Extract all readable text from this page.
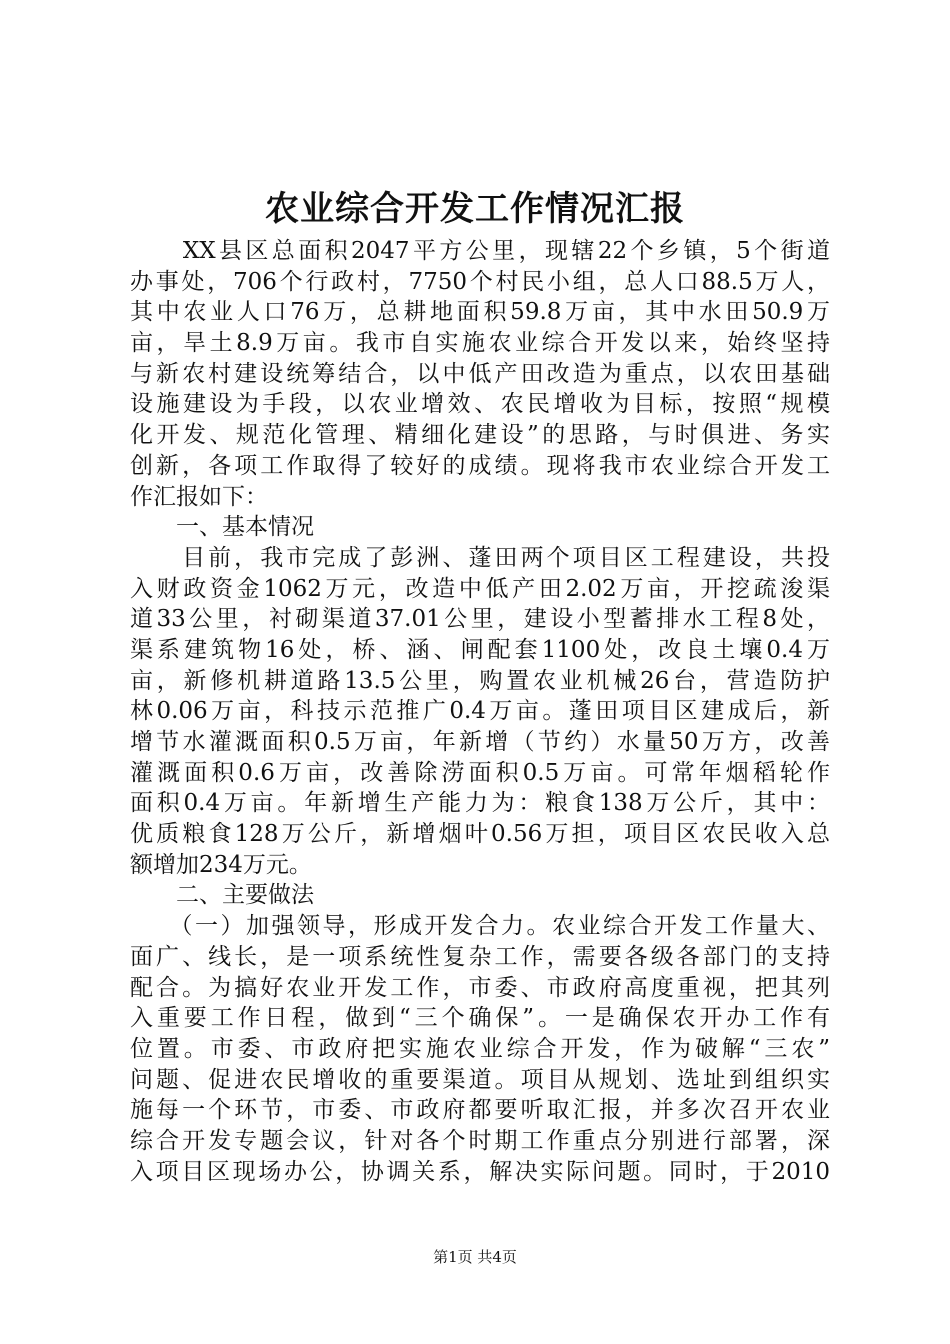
农业综合开发工作情况汇报
　　XX县区总面积2047平方公里，现辖22个乡镇，5个街道
办事处，706个行政村，7750个村民小组，总人口88.5万人，
其中农业人口76万，总耕地面积59.8万亩，其中水田50.9万
亩，旱土8.9万亩。我市自实施农业综合开发以来，始终坚持
与新农村建设统筹结合，以中低产田改造为重点，以农田基础
设施建设为手段，以农业增效、农民增收为目标，按照“规模
化开发、规范化管理、精细化建设”的思路，与时俱进、务实
创新，各项工作取得了较好的成绩。现将我市农业综合开发工
作汇报如下：
　　一、基本情况
　　目前，我市完成了彭洲、蓬田两个项目区工程建设，共投
入财政资金1062万元，改造中低产田2.02万亩，开挖疏浚渠
道33公里，衬砌渠道37.01公里，建设小型蓄排水工程8处，
渠系建筑物16处，桥、涵、闸配套1100处，改良土壤0.4万
亩，新修机耕道路13.5公里，购置农业机械26台，营造防护
林0.06万亩，科技示范推广0.4万亩。蓬田项目区建成后，新
增节水灌溉面积0.5万亩，年新增（节约）水量50万方，改善
灌溉面积0.6万亩，改善除涝面积0.5万亩。可常年烟稻轮作
面积0.4万亩。年新增生产能力为：粮食138万公斤，其中：
优质粮食128万公斤，新增烟叶0.56万担，项目区农民收入总
额增加234万元。
　　二、主要做法
　　（一）加强领导，形成开发合力。农业综合开发工作量大、
面广、线长，是一项系统性复杂工作，需要各级各部门的支持
配合。为搞好农业开发工作，市委、市政府高度重视，把其列
入重要工作日程，做到“三个确保”。一是确保农开办工作有
位置。市委、市政府把实施农业综合开发，作为破解“三农”
问题、促进农民增收的重要渠道。项目从规划、选址到组织实
施每一个环节，市委、市政府都要听取汇报，并多次召开农业
综合开发专题会议，针对各个时期工作重点分别进行部署，深
入项目区现场办公，协调关系，解决实际问题。同时，于2010
第1页 共4页
